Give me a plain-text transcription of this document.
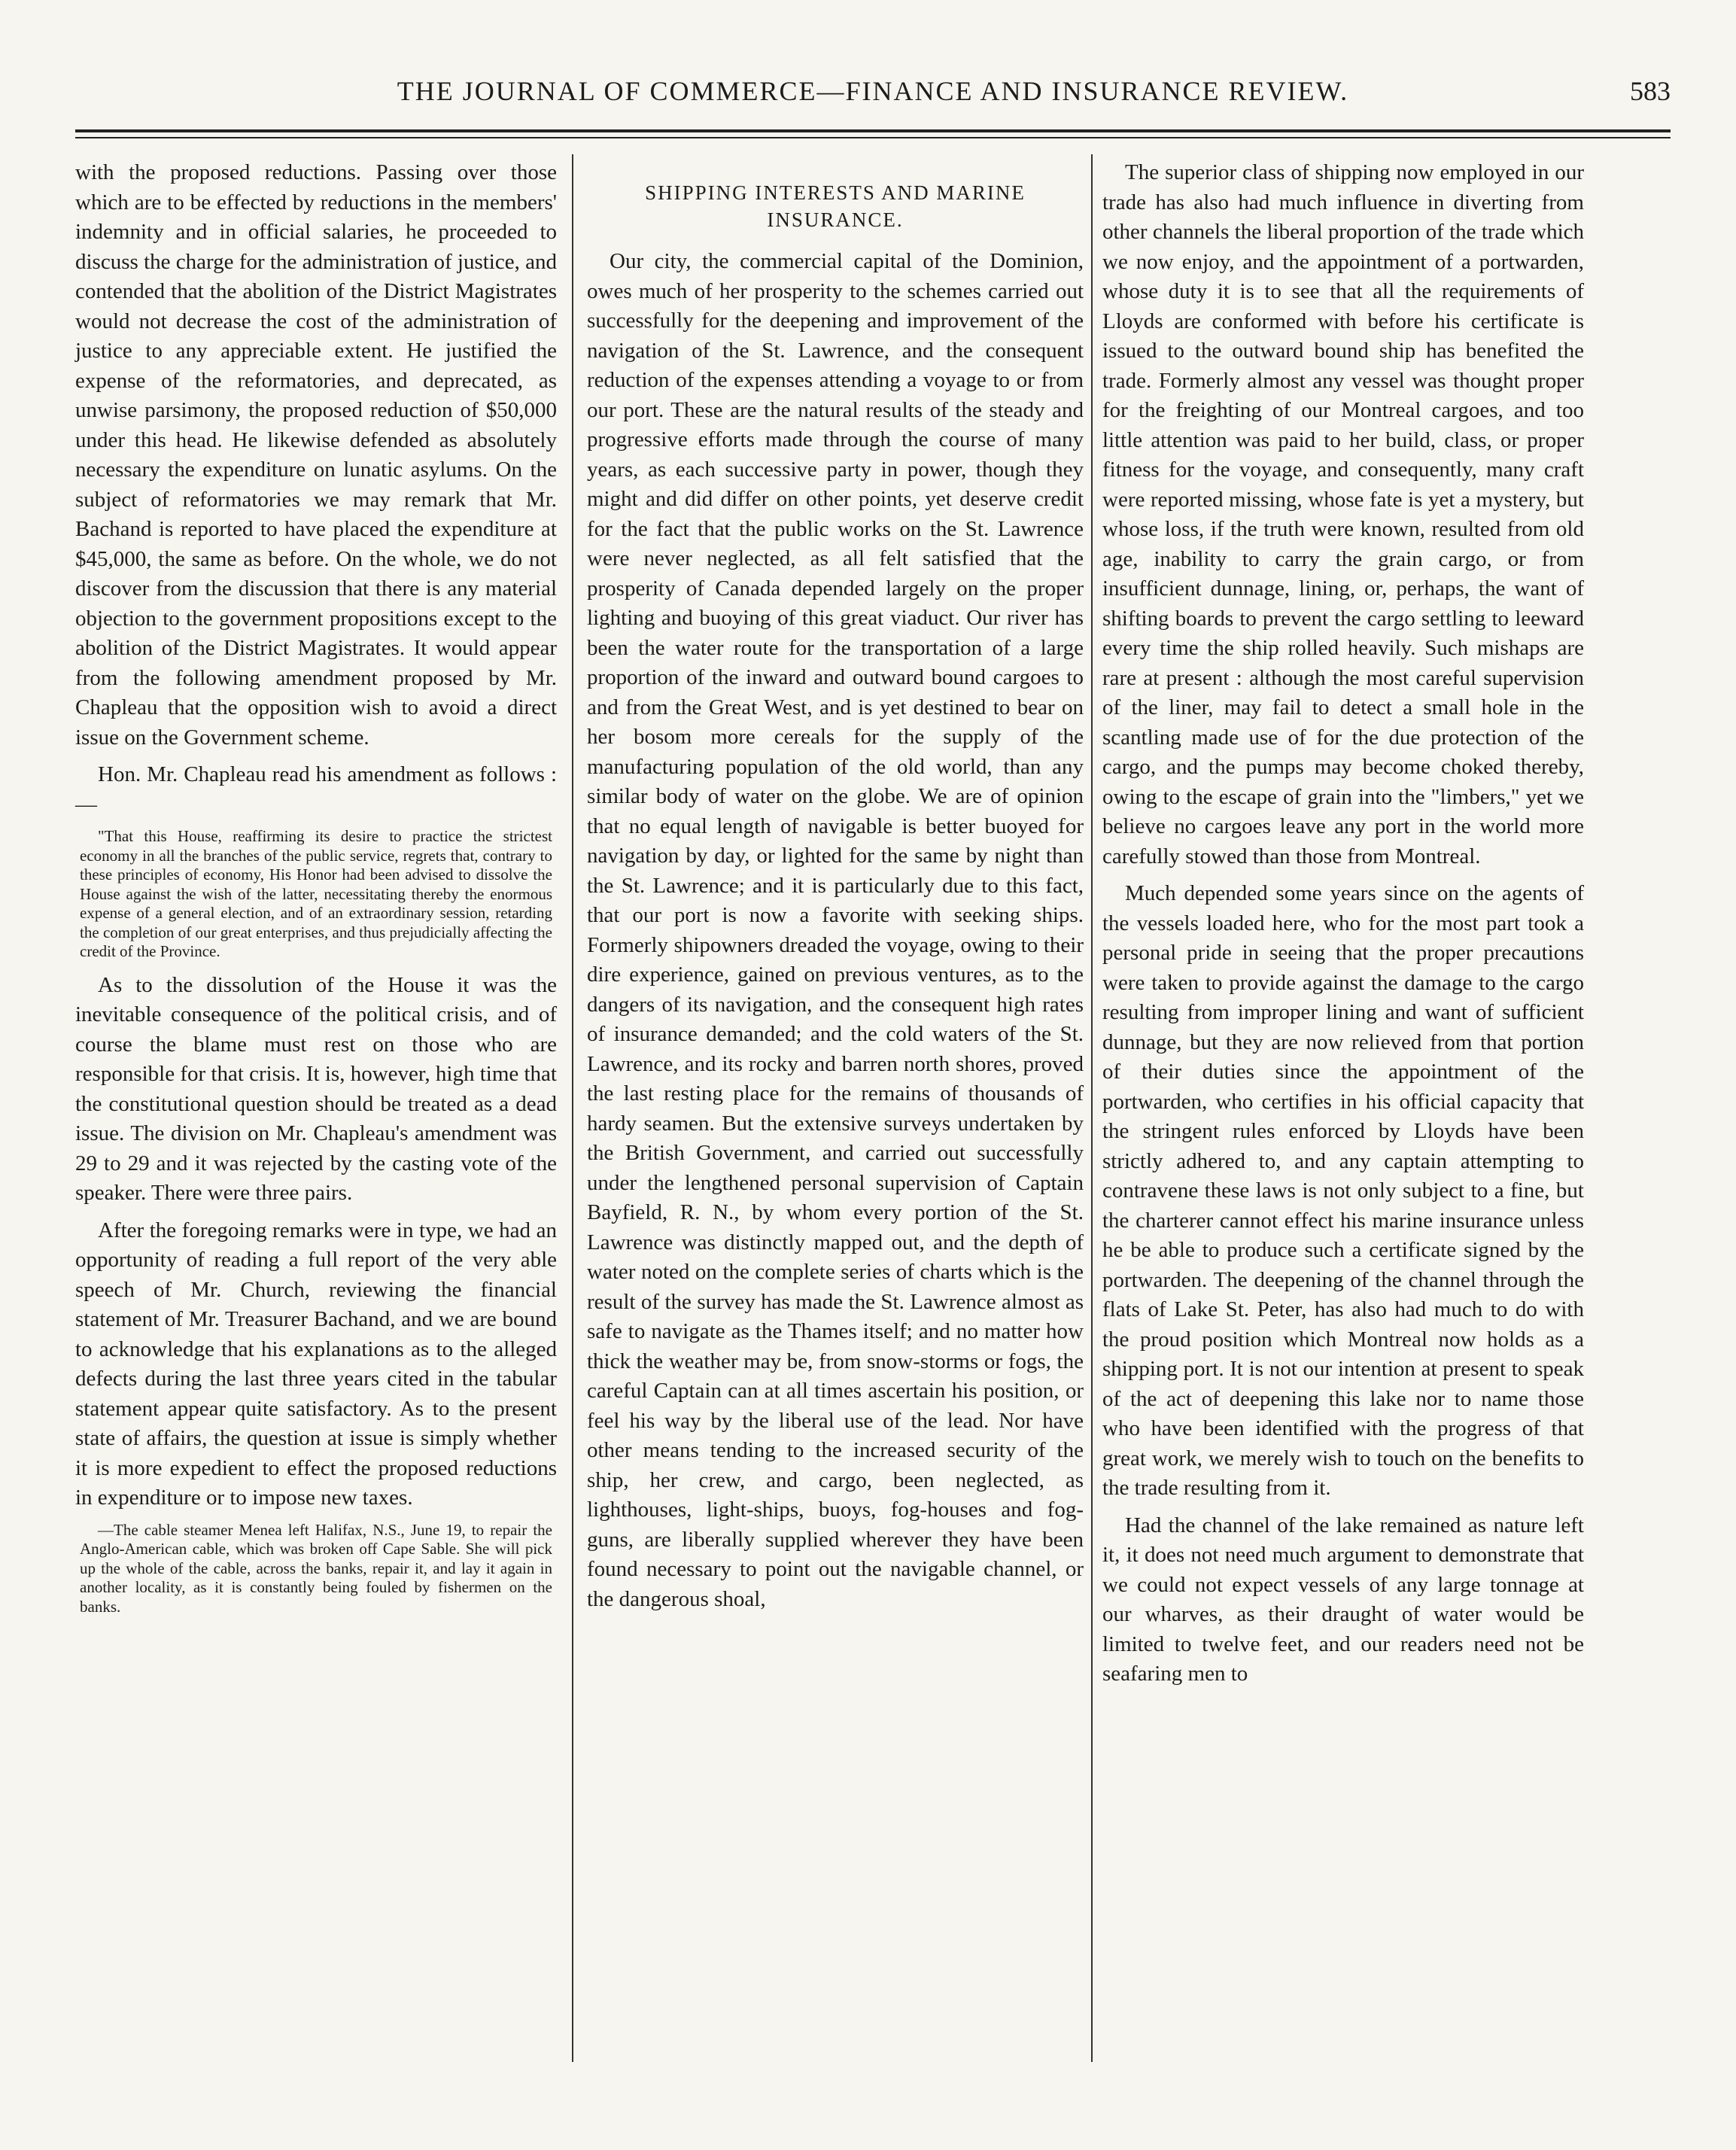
THE JOURNAL OF COMMERCE—FINANCE AND INSURANCE REVIEW.	583

with the proposed reductions. Passing over those which are to be effected by reductions in the members' indemnity and in official salaries, he proceeded to discuss the charge for the administration of justice, and contended that the abolition of the District Magistrates would not decrease the cost of the administration of justice to any appreciable extent. He justified the expense of the reformatories, and deprecated, as unwise parsimony, the proposed reduction of $50,000 under this head. He likewise defended as absolutely necessary the expenditure on lunatic asylums. On the subject of reformatories we may remark that Mr. Bachand is reported to have placed the expenditure at $45,000, the same as before. On the whole, we do not discover from the discussion that there is any material objection to the government propositions except to the abolition of the District Magistrates. It would appear from the following amendment proposed by Mr. Chapleau that the opposition wish to avoid a direct issue on the Government scheme.

Hon. Mr. Chapleau read his amendment as follows :—

"That this House, reaffirming its desire to practice the strictest economy in all the branches of the public service, regrets that, contrary to these principles of economy, His Honor had been advised to dissolve the House against the wish of the latter, necessitating thereby the enormous expense of a general election, and of an extraordinary session, retarding the completion of our great enterprises, and thus prejudicially affecting the credit of the Province.

As to the dissolution of the House it was the inevitable consequence of the political crisis, and of course the blame must rest on those who are responsible for that crisis. It is, however, high time that the constitutional question should be treated as a dead issue. The division on Mr. Chapleau's amendment was 29 to 29 and it was rejected by the casting vote of the speaker. There were three pairs.

After the foregoing remarks were in type, we had an opportunity of reading a full report of the very able speech of Mr. Church, reviewing the financial statement of Mr. Treasurer Bachand, and we are bound to acknowledge that his explanations as to the alleged defects during the last three years cited in the tabular statement appear quite satisfactory. As to the present state of affairs, the question at issue is simply whether it is more expedient to effect the proposed reductions in expenditure or to impose new taxes.

—The cable steamer Menea left Halifax, N.S., June 19, to repair the Anglo-American cable, which was broken off Cape Sable. She will pick up the whole of the cable, across the banks, repair it, and lay it again in another locality, as it is constantly being fouled by fishermen on the banks.

SHIPPING INTERESTS AND MARINE INSURANCE.

Our city, the commercial capital of the Dominion, owes much of her prosperity to the schemes carried out successfully for the deepening and improvement of the navigation of the St. Lawrence, and the consequent reduction of the expenses attending a voyage to or from our port. These are the natural results of the steady and progressive efforts made through the course of many years, as each successive party in power, though they might and did differ on other points, yet deserve credit for the fact that the public works on the St. Lawrence were never neglected, as all felt satisfied that the prosperity of Canada depended largely on the proper lighting and buoying of this great viaduct. Our river has been the water route for the transportation of a large proportion of the inward and outward bound cargoes to and from the Great West, and is yet destined to bear on her bosom more cereals for the supply of the manufacturing population of the old world, than any similar body of water on the globe. We are of opinion that no equal length of navigable is better buoyed for navigation by day, or lighted for the same by night than the St. Lawrence; and it is particularly due to this fact, that our port is now a favorite with seeking ships. Formerly shipowners dreaded the voyage, owing to their dire experience, gained on previous ventures, as to the dangers of its navigation, and the consequent high rates of insurance demanded; and the cold waters of the St. Lawrence, and its rocky and barren north shores, proved the last resting place for the remains of thousands of hardy seamen. But the extensive surveys undertaken by the British Government, and carried out successfully under the lengthened personal supervision of Captain Bayfield, R. N., by whom every portion of the St. Lawrence was distinctly mapped out, and the depth of water noted on the complete series of charts which is the result of the survey has made the St. Lawrence almost as safe to navigate as the Thames itself; and no matter how thick the weather may be, from snow-storms or fogs, the careful Captain can at all times ascertain his position, or feel his way by the liberal use of the lead. Nor have other means tending to the increased security of the ship, her crew, and cargo, been neglected, as lighthouses, light-ships, buoys, fog-houses and fog-guns, are liberally supplied wherever they have been found necessary to point out the navigable channel, or the dangerous shoal,

The superior class of shipping now employed in our trade has also had much influence in diverting from other channels the liberal proportion of the trade which we now enjoy, and the appointment of a portwarden, whose duty it is to see that all the requirements of Lloyds are conformed with before his certificate is issued to the outward bound ship has benefited the trade. Formerly almost any vessel was thought proper for the freighting of our Montreal cargoes, and too little attention was paid to her build, class, or proper fitness for the voyage, and consequently, many craft were reported missing, whose fate is yet a mystery, but whose loss, if the truth were known, resulted from old age, inability to carry the grain cargo, or from insufficient dunnage, lining, or, perhaps, the want of shifting boards to prevent the cargo settling to leeward every time the ship rolled heavily. Such mishaps are rare at present : although the most careful supervision of the liner, may fail to detect a small hole in the scantling made use of for the due protection of the cargo, and the pumps may become choked thereby, owing to the escape of grain into the "limbers," yet we believe no cargoes leave any port in the world more carefully stowed than those from Montreal.

Much depended some years since on the agents of the vessels loaded here, who for the most part took a personal pride in seeing that the proper precautions were taken to provide against the damage to the cargo resulting from improper lining and want of sufficient dunnage, but they are now relieved from that portion of their duties since the appointment of the portwarden, who certifies in his official capacity that the stringent rules enforced by Lloyds have been strictly adhered to, and any captain attempting to contravene these laws is not only subject to a fine, but the charterer cannot effect his marine insurance unless he be able to produce such a certificate signed by the portwarden. The deepening of the channel through the flats of Lake St. Peter, has also had much to do with the proud position which Montreal now holds as a shipping port. It is not our intention at present to speak of the act of deepening this lake nor to name those who have been identified with the progress of that great work, we merely wish to touch on the benefits to the trade resulting from it.

Had the channel of the lake remained as nature left it, it does not need much argument to demonstrate that we could not expect vessels of any large tonnage at our wharves, as their draught of water would be limited to twelve feet, and our readers need not be seafaring men to
